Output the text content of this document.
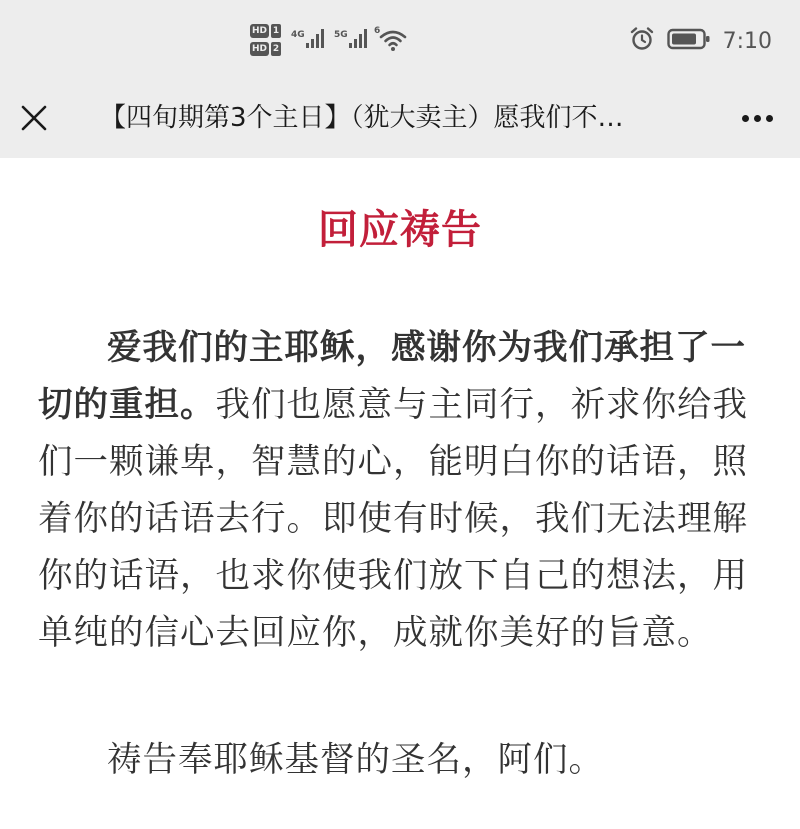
HD 1
HD 2
4G	5G	6	7:10
【四旬期第3个主日】（犹大卖主）愿我们不…
回应祷告

爱我们的主耶稣，感谢你为我们承担了一切的重担。我们也愿意与主同行，祈求你给我们一颗谦卑，智慧的心，能明白你的话语，照着你的话语去行。即使有时候，我们无法理解你的话语，也求你使我们放下自己的想法，用单纯的信心去回应你，成就你美好的旨意。

祷告奉耶稣基督的圣名，阿们。
